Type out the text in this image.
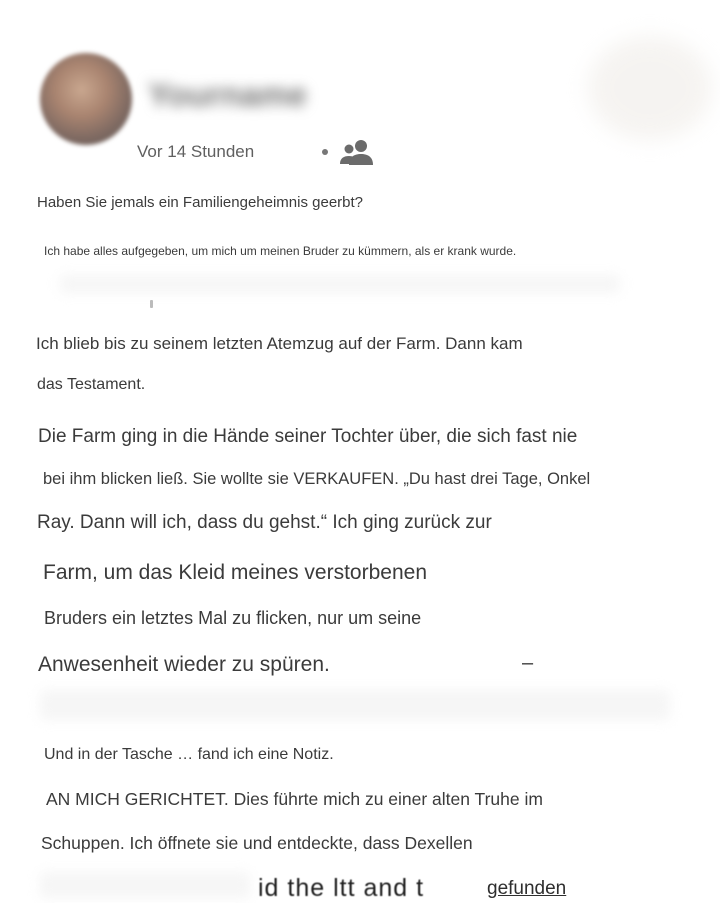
Yourname
Vor 14 Stunden
Haben Sie jemals ein Familiengeheimnis geerbt?
Ich habe alles aufgegeben, um mich um meinen Bruder zu kümmern, als er krank wurde.
Ich blieb bis zu seinem letzten Atemzug auf der Farm. Dann kam
das Testament.
Die Farm ging in die Hände seiner Tochter über, die sich fast nie
bei ihm blicken ließ. Sie wollte sie VERKAUFEN. „Du hast drei Tage, Onkel
Ray. Dann will ich, dass du gehst.“ Ich ging zurück zur
Farm, um das Kleid meines verstorbenen
Bruders ein letztes Mal zu flicken, nur um seine
Anwesenheit wieder zu spüren.	–
Und in der Tasche … fand ich eine Notiz.
AN MICH GERICHTET. Dies führte mich zu einer alten Truhe im
Schuppen. Ich öffnete sie und entdeckte, dass Dexellen
id the ltt and t	gefunden
